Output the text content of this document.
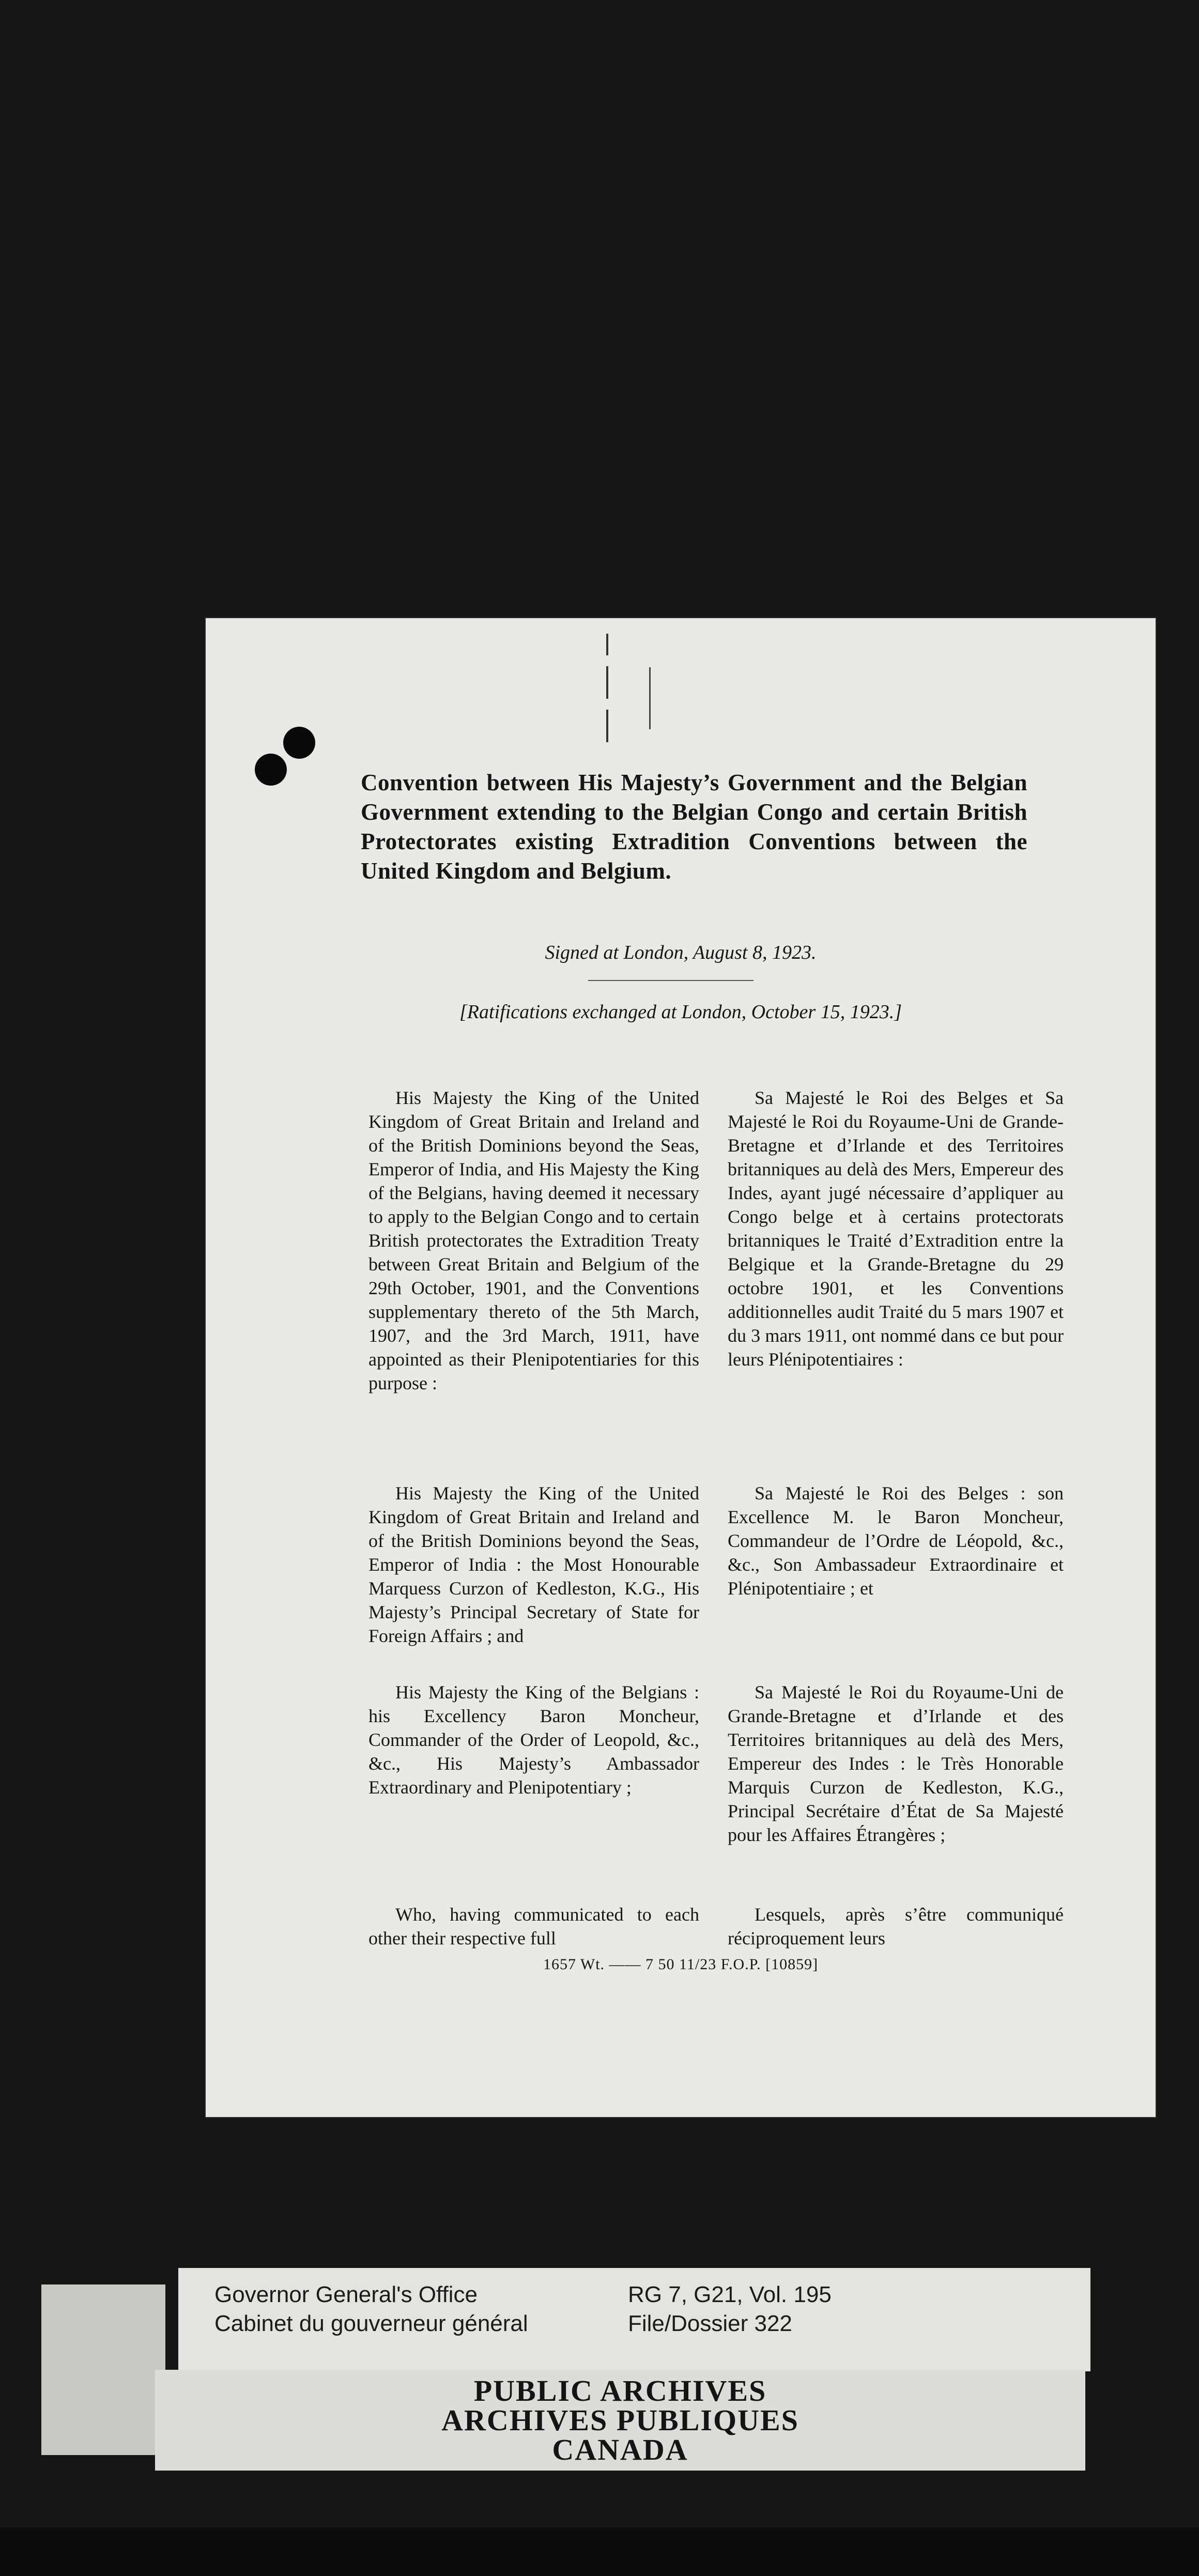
Convention between His Majesty’s Government and the Belgian Government extending to the Belgian Congo and certain British Protectorates existing Extradition Conventions between the United Kingdom and Belgium.
Signed at London, August 8, 1923.
[Ratifications exchanged at London, October 15, 1923.]

His Majesty the King of the United Kingdom of Great Britain and Ireland and of the British Dominions beyond the Seas, Emperor of India, and His Majesty the King of the Belgians, having deemed it necessary to apply to the Belgian Congo and to certain British protectorates the Extradition Treaty between Great Britain and Belgium of the 29th October, 1901, and the Conventions supplementary thereto of the 5th March, 1907, and the 3rd March, 1911, have appointed as their Plenipotentiaries for this purpose :

His Majesty the King of the United Kingdom of Great Britain and Ireland and of the British Dominions beyond the Seas, Emperor of India : the Most Honourable Marquess Curzon of Kedleston, K.G., His Majesty’s Principal Secretary of State for Foreign Affairs ; and

His Majesty the King of the Belgians : his Excellency Baron Moncheur, Commander of the Order of Leopold, &c., &c., His Majesty’s Ambassador Extraordinary and Plenipotentiary ;

Who, having communicated to each other their respective full

Sa Majesté le Roi des Belges et Sa Majesté le Roi du Royaume-Uni de Grande-Bretagne et d’Irlande et des Territoires britanniques au delà des Mers, Empereur des Indes, ayant jugé nécessaire d’appliquer au Congo belge et à certains protectorats britanniques le Traité d’Extradition entre la Belgique et la Grande-Bretagne du 29 octobre 1901, et les Conventions additionnelles audit Traité du 5 mars 1907 et du 3 mars 1911, ont nommé dans ce but pour leurs Plénipotentiaires :

Sa Majesté le Roi des Belges : son Excellence M. le Baron Moncheur, Commandeur de l’Ordre de Léopold, &c., &c., Son Ambassadeur Extraordinaire et Plénipotentiaire ; et

Sa Majesté le Roi du Royaume-Uni de Grande-Bretagne et d’Irlande et des Territoires britanniques au delà des Mers, Empereur des Indes : le Très Honorable Marquis Curzon de Kedleston, K.G., Principal Secrétaire d’État de Sa Majesté pour les Affaires Étrangères ;

Lesquels, après s’être communiqué réciproquement leurs

1657 Wt. —— 7 50 11/23 F.O.P. [10859]
Governor General's Office
Cabinet du gouverneur général
RG 7, G21, Vol. 195
File/Dossier 322
PUBLIC ARCHIVES
ARCHIVES PUBLIQUES
CANADA
